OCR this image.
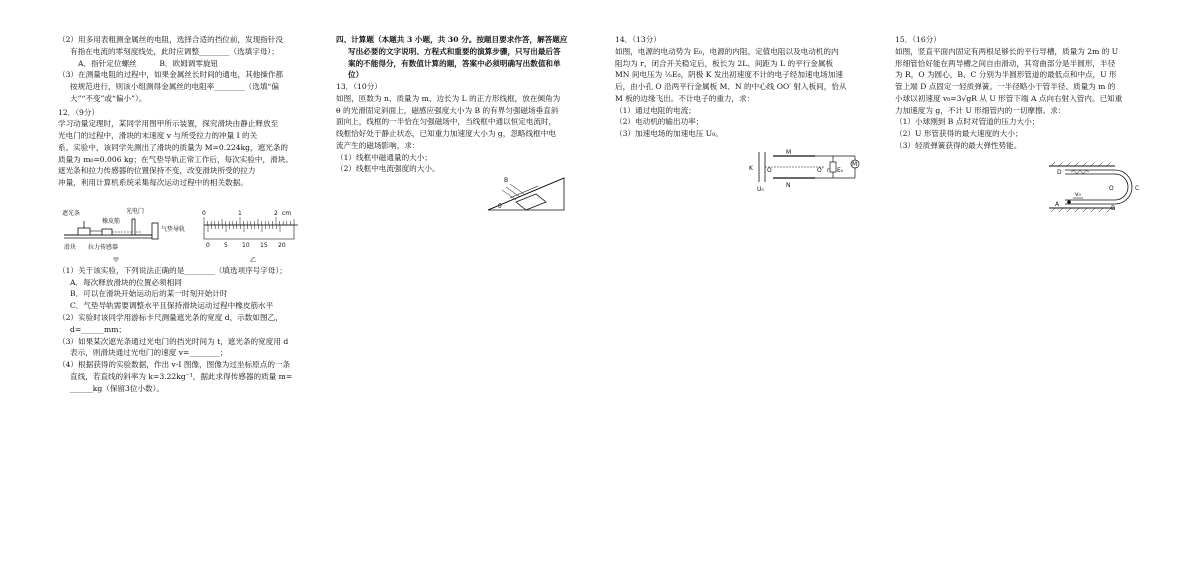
（2）用多用表粗测金属丝的电阻，选择合适的挡位前，发现指针没

有指在电流的零刻度线处，此时应调整________（选填字母）；

A．指针定位螺丝　　　B．欧姆调零旋钮

（3）在测量电阻的过程中，如果金属丝长时间的通电，其他操作都

按规范进行，则该小组测得金属丝的电阻率________（选填“偏

大”“不变”或“偏小”）。

12．（9分）

学习动量定理时，某同学用图甲所示装置，探究滑块由静止释放至

光电门的过程中，滑块的末速度 v 与所受拉力的冲量 I 的关

系。实验中，该同学先测出了滑块的质量为 M=0.224kg，遮光条的

质量为 m₀=0.006 kg；在气垫导轨正常工作后，每次实验中，滑块、

遮光条和拉力传感器的位置保持不变，改变滑块所受的拉力

冲量，利用计算机系统采集每次运动过程中的相关数据。

遮光条	光电门
橡皮筋
气垫导轨
滑块 拉力传感器
甲
0	1	2 cm
0 5 10 15 20
乙

（1）关于该实验，下列说法正确的是________（填选项序号字母）；

A．每次释放滑块的位置必须相同

B．可以在滑块开始运动后的某一时刻开始计时

C．气垫导轨需要调整水平且保持滑块运动过程中橡皮筋水平

（2）实验时该同学用游标卡尺测量遮光条的宽度 d，示数如图乙，

d=______mm；

（3）如果某次遮光条通过光电门的挡光时间为 t，遮光条的宽度用 d

表示，则滑块通过光电门的速度 v=________；

（4）根据获得的实验数据，作出 v-I 图像，图像为过坐标原点的一条

直线，若直线的斜率为 k=3.22kg⁻¹，据此求得传感器的质量 m=

______kg（保留3位小数）。

四、计算题（本题共 3 小题，共 30 分。按题目要求作答，解答题应

写出必要的文字说明、方程式和重要的演算步骤，只写出最后答

案的不能得分，有数值计算的题，答案中必须明确写出数值和单

位）

13．（10分）

如图，匝数为 n、质量为 m、边长为 L 的正方形线框，放在倾角为

θ 的光滑固定斜面上，磁感应强度大小为 B 的有界匀强磁场垂直斜

面向上，线框的一半恰在匀强磁场中，当线框中通以恒定电流时，

线框恰好处于静止状态，已知重力加速度大小为 g，忽略线框中电

流产生的磁场影响，求：

（1）线框中磁通量的大小；

（2）线框中电流强度的大小。

B
θ

14．（13分）

如图，电源的电动势为 E₀，电源的内阻、定值电阻以及电动机的内

阻均为 r，闭合开关稳定后，板长为 2L、间距为 L 的平行金属板

MN 间电压为 ⅖E₀，阴极 K 发出初速度不计的电子经加速电场加速

后，由小孔 O 沿两平行金属板 M、N 的中心线 OO′ 射入板间，恰从

M 板的边缘飞出。不计电子的重力，求：

（1）通过电阻的电流；

（2）电动机的输出功率；

（3）加速电场的加速电压 U₀。

M
N
K O	O′
U₀
E₀
r
M

15．（16分）

如图，竖直平面内固定有两根足够长的平行导槽，质量为 2m 的 U

形细管恰好能在两导槽之间自由滑动，其弯曲部分是半圆形，半径

为 R，O 为圆心，B、C 分别为半圆形管道的最低点和中点，U 形

管上端 D 点固定一轻质弹簧。一半径略小于管半径、质量为 m 的

小球以初速度 v₀=3√gR 从 U 形管下端 A 点向右射入管内。已知重

力加速度为 g，不计 U 形细管内的一切摩擦。求：

（1）小球刚到 B 点时对管道的压力大小；

（2）U 形管获得的最大速度的大小；

（3）轻质弹簧获得的最大弹性势能。

D
O	C
A
B
v₀
